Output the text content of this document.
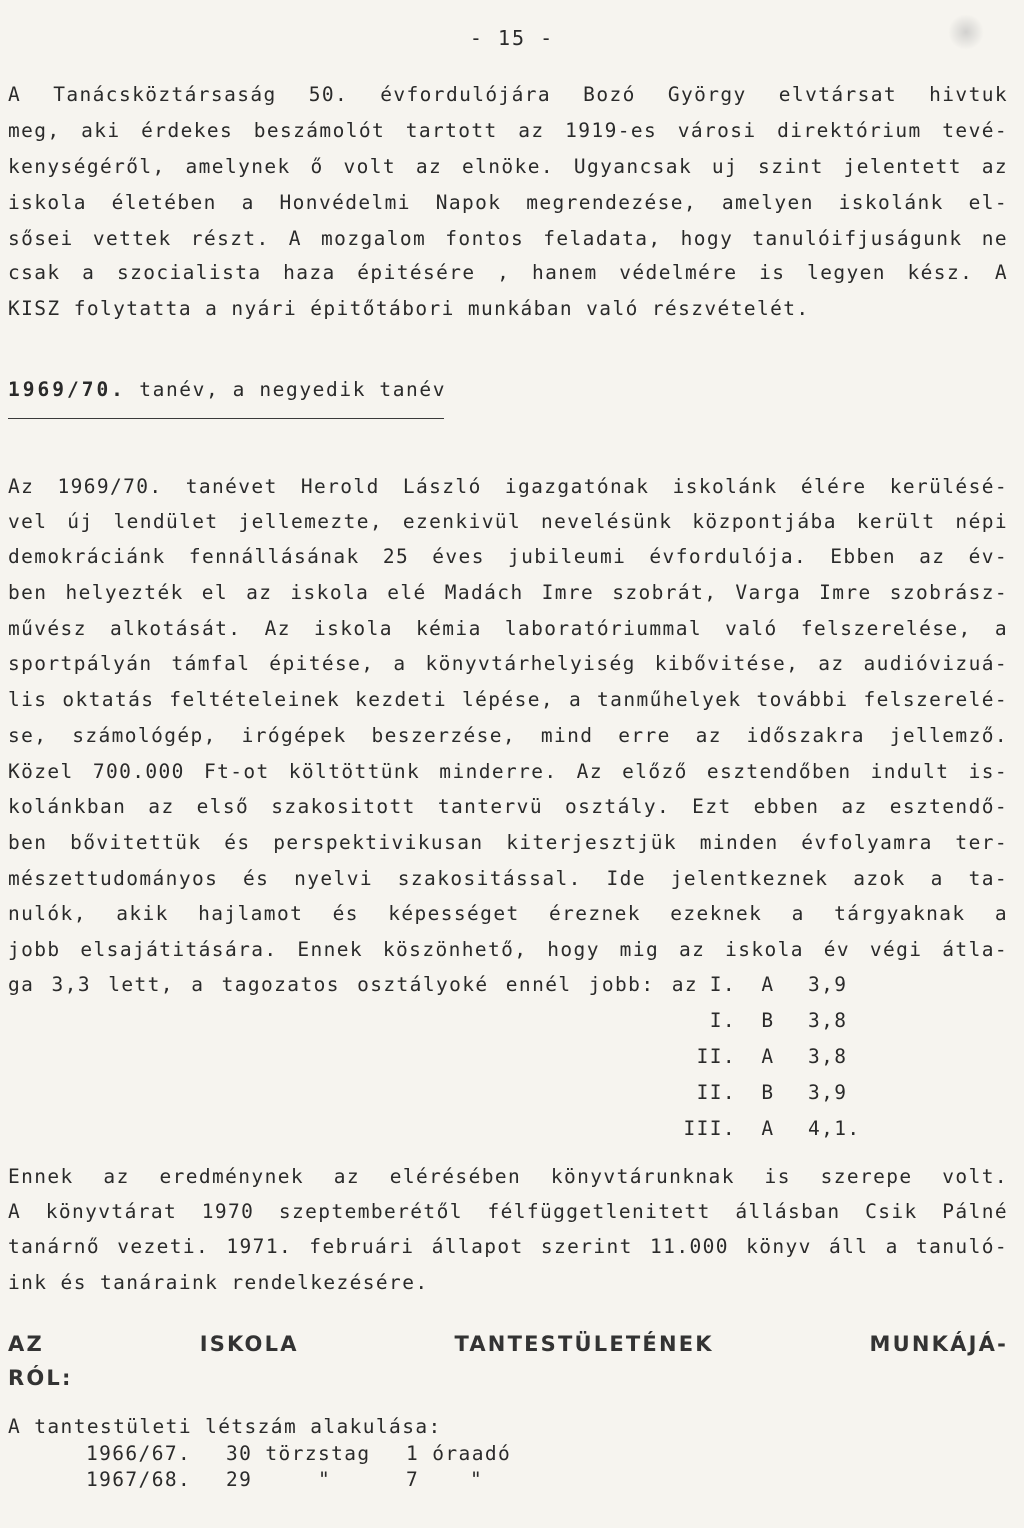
- 15 -
A Tanácsköztársaság 50. évfordulójára Bozó György elvtársat hivtuk
meg, aki érdekes beszámolót tartott az 1919-es városi direktórium tevé-
kenységéről, amelynek ő volt az elnöke. Ugyancsak uj szint jelentett az
iskola életében a Honvédelmi Napok megrendezése, amelyen iskolánk el-
sősei vettek részt. A mozgalom fontos feladata, hogy tanulóifjuságunk ne
csak a szocialista haza épitésére , hanem védelmére is legyen kész. A
KISZ folytatta a nyári épitőtábori munkában való részvételét.
1969/70. tanév, a negyedik tanév
Az 1969/70. tanévet Herold László igazgatónak iskolánk élére kerülésé-
vel új lendület jellemezte, ezenkivül nevelésünk központjába került népi
demokráciánk fennállásának 25 éves jubileumi évfordulója. Ebben az év-
ben helyezték el az iskola elé Madách Imre szobrát, Varga Imre szobrász-
művész alkotását. Az iskola kémia laboratóriummal való felszerelése, a
sportpályán támfal épitése, a könyvtárhelyiség kibővitése, az audióvizuá-
lis oktatás feltételeinek kezdeti lépése, a tanműhelyek további felszerelé-
se, számológép, irógépek beszerzése, mind erre az időszakra jellemző.
Közel 700.000 Ft-ot költöttünk minderre. Az előző esztendőben indult is-
kolánkban az első szakositott tantervü osztály. Ezt ebben az esztendő-
ben bővitettük és perspektivikusan kiterjesztjük minden évfolyamra ter-
mészettudományos és nyelvi szakositással. Ide jelentkeznek azok a ta-
nulók, akik hajlamot és képességet éreznek ezeknek a tárgyaknak a
jobb elsajátitására. Ennek köszönhető, hogy mig az iskola év végi átla-
ga 3,3 lett, a tagozatos osztályoké ennél jobb: az I. A 3,9
I. B 3,8
II. A 3,8
II. B 3,9
III. A 4,1.
Ennek az eredménynek az elérésében könyvtárunknak is szerepe volt.
A könyvtárat 1970 szeptemberétől félfüggetlenitett állásban Csik Pálné
tanárnő vezeti. 1971. februári állapot szerint 11.000 könyv áll a tanuló-
ink és tanáraink rendelkezésére.
AZ ISKOLA TANTESTÜLETÉNEK MUNKÁJÁ-
RÓL:
A tantestületi létszám alakulása:
1966/67. 30 törzstag 1 óraadó
1967/68. 29	"	7	"
